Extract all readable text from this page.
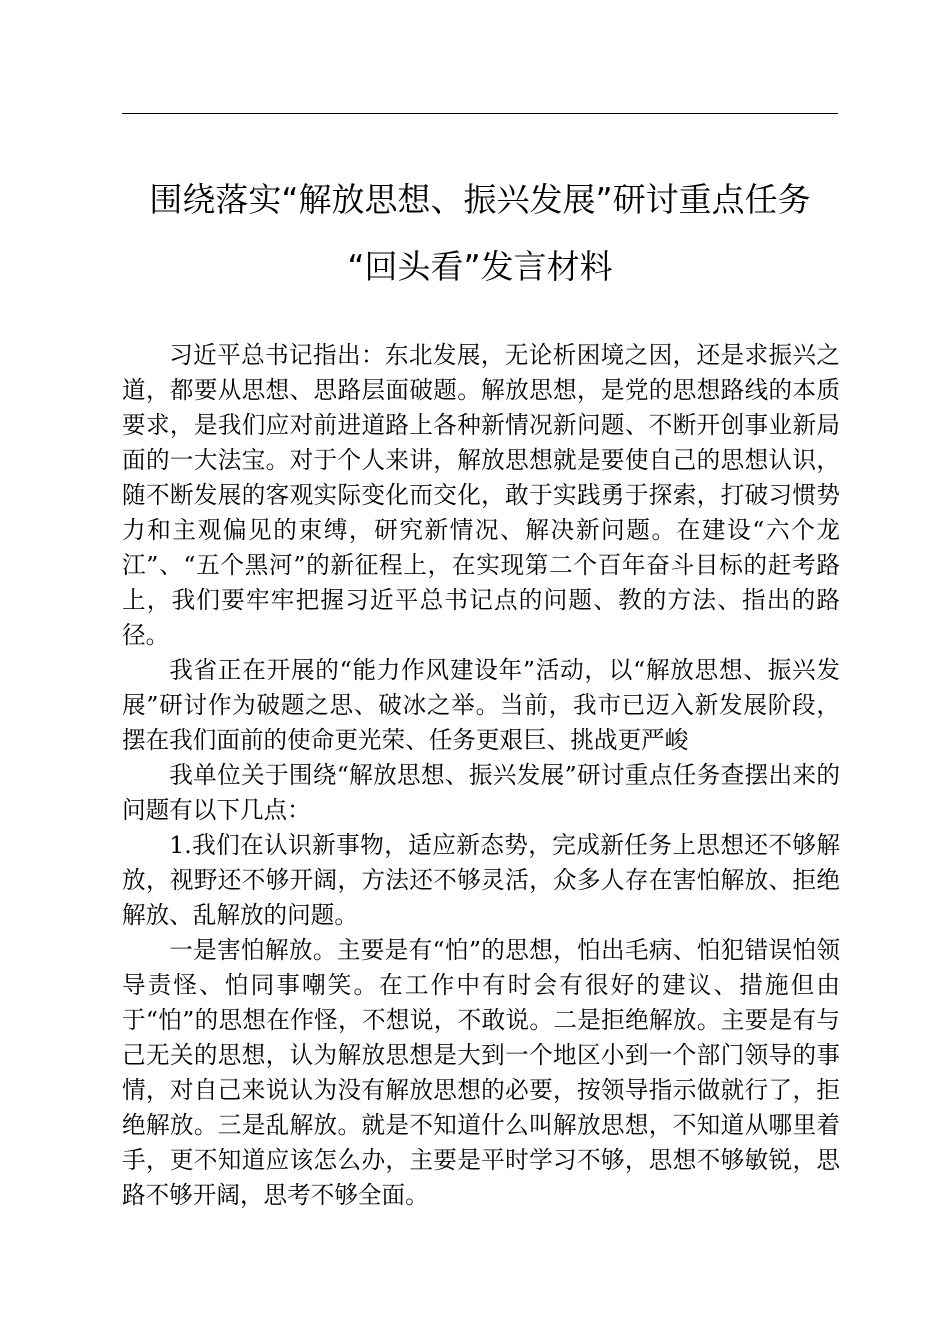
围绕落实“解放思想、振兴发展”研讨重点任务
“回头看”发言材料

习近平总书记指出：东北发展，无论析困境之因，还是求振兴之道，都要从思想、思路层面破题。解放思想，是党的思想路线的本质要求，是我们应对前进道路上各种新情况新问题、不断开创事业新局面的一大法宝。对于个人来讲，解放思想就是要使自己的思想认识，随不断发展的客观实际变化而交化，敢于实践勇于探索，打破习惯势力和主观偏见的束缚，研究新情况、解决新问题。在建设“六个龙江”、“五个黑河”的新征程上，在实现第二个百年奋斗目标的赶考路上，我们要牢牢把握习近平总书记点的问题、教的方法、指出的路径。

我省正在开展的“能力作风建设年”活动，以“解放思想、振兴发展”研讨作为破题之思、破冰之举。当前，我市已迈入新发展阶段，摆在我们面前的使命更光荣、任务更艰巨、挑战更严峻

我单位关于围绕“解放思想、振兴发展”研讨重点任务查摆出来的问题有以下几点：

1.我们在认识新事物，适应新态势，完成新任务上思想还不够解放，视野还不够开阔，方法还不够灵活，众多人存在害怕解放、拒绝解放、乱解放的问题。

一是害怕解放。主要是有“怕”的思想，怕出毛病、怕犯错误怕领导责怪、怕同事嘲笑。在工作中有时会有很好的建议、措施但由于“怕”的思想在作怪，不想说，不敢说。二是拒绝解放。主要是有与己无关的思想，认为解放思想是大到一个地区小到一个部门领导的事情，对自己来说认为没有解放思想的必要，按领导指示做就行了，拒绝解放。三是乱解放。就是不知道什么叫解放思想，不知道从哪里着手，更不知道应该怎么办，主要是平时学习不够，思想不够敏锐，思路不够开阔，思考不够全面。
